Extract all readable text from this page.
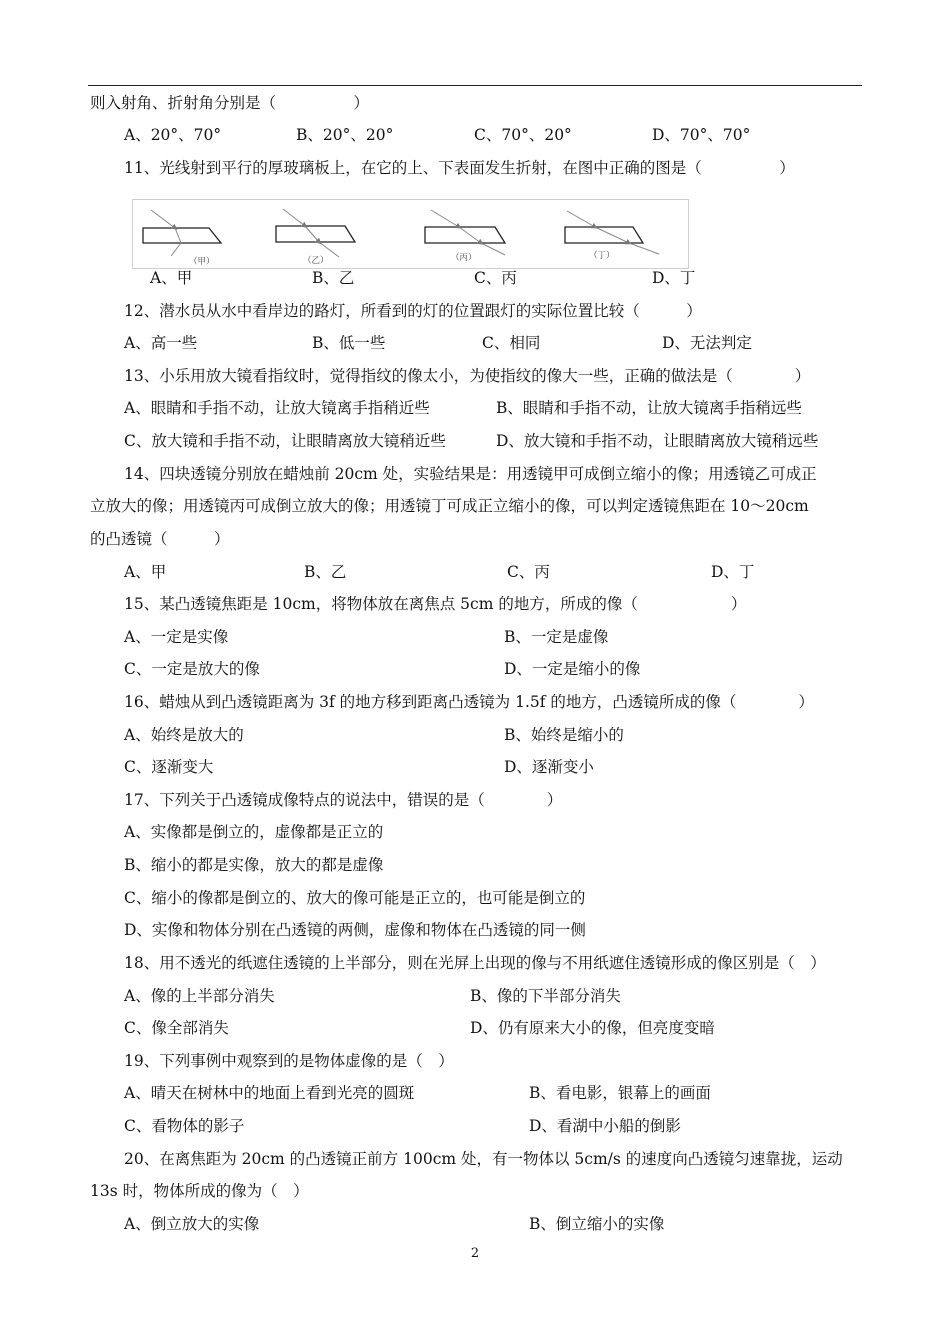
则入射角、折射角分别是（　　　　　）
A、20°、70°	B、20°、20°	C、70°、20°	D、70°、70°
11、光线射到平行的厚玻璃板上，在它的上、下表面发生折射，在图中正确的图是（　　　　　）
A、甲	B、乙	C、丙	D、丁
12、潜水员从水中看岸边的路灯，所看到的灯的位置跟灯的实际位置比较（　　　）
A、高一些	B、低一些	C、相同	D、无法判定
13、小乐用放大镜看指纹时，觉得指纹的像太小，为使指纹的像大一些，正确的做法是（　　　　）
A、眼睛和手指不动，让放大镜离手指稍近些	B、眼睛和手指不动，让放大镜离手指稍远些
C、放大镜和手指不动，让眼睛离放大镜稍近些	D、放大镜和手指不动，让眼睛离放大镜稍远些
14、四块透镜分别放在蜡烛前 20cm 处，实验结果是：用透镜甲可成倒立缩小的像；用透镜乙可成正
立放大的像；用透镜丙可成倒立放大的像；用透镜丁可成正立缩小的像，可以判定透镜焦距在 10～20cm
的凸透镜（　　　）
A、甲	B、乙	C、丙	D、丁
15、某凸透镜焦距是 10cm，将物体放在离焦点 5cm 的地方，所成的像（　　　　　　）
A、一定是实像	B、一定是虚像
C、一定是放大的像	D、一定是缩小的像
16、蜡烛从到凸透镜距离为 3f 的地方移到距离凸透镜为 1.5f 的地方，凸透镜所成的像（　　　　）
A、始终是放大的	B、始终是缩小的
C、逐渐变大	D、逐渐变小
17、下列关于凸透镜成像特点的说法中，错误的是（　　　　）
A、实像都是倒立的，虚像都是正立的
B、缩小的都是实像，放大的都是虚像
C、缩小的像都是倒立的、放大的像可能是正立的，也可能是倒立的
D、实像和物体分别在凸透镜的两侧，虚像和物体在凸透镜的同一侧
18、用不透光的纸遮住透镜的上半部分，则在光屏上出现的像与不用纸遮住透镜形成的像区别是（　）
A、像的上半部分消失	B、像的下半部分消失
C、像全部消失	D、仍有原来大小的像，但亮度变暗
19、下列事例中观察到的是物体虚像的是（　）
A、晴天在树林中的地面上看到光亮的圆斑	B、看电影，银幕上的画面
C、看物体的影子	D、看湖中小船的倒影
20、在离焦距为 20cm 的凸透镜正前方 100cm 处，有一物体以 5cm/s 的速度向凸透镜匀速靠拢，运动
13s 时，物体所成的像为（　）
A、倒立放大的实像	B、倒立缩小的实像
（甲）	（乙）	（丙）	（丁）
2
